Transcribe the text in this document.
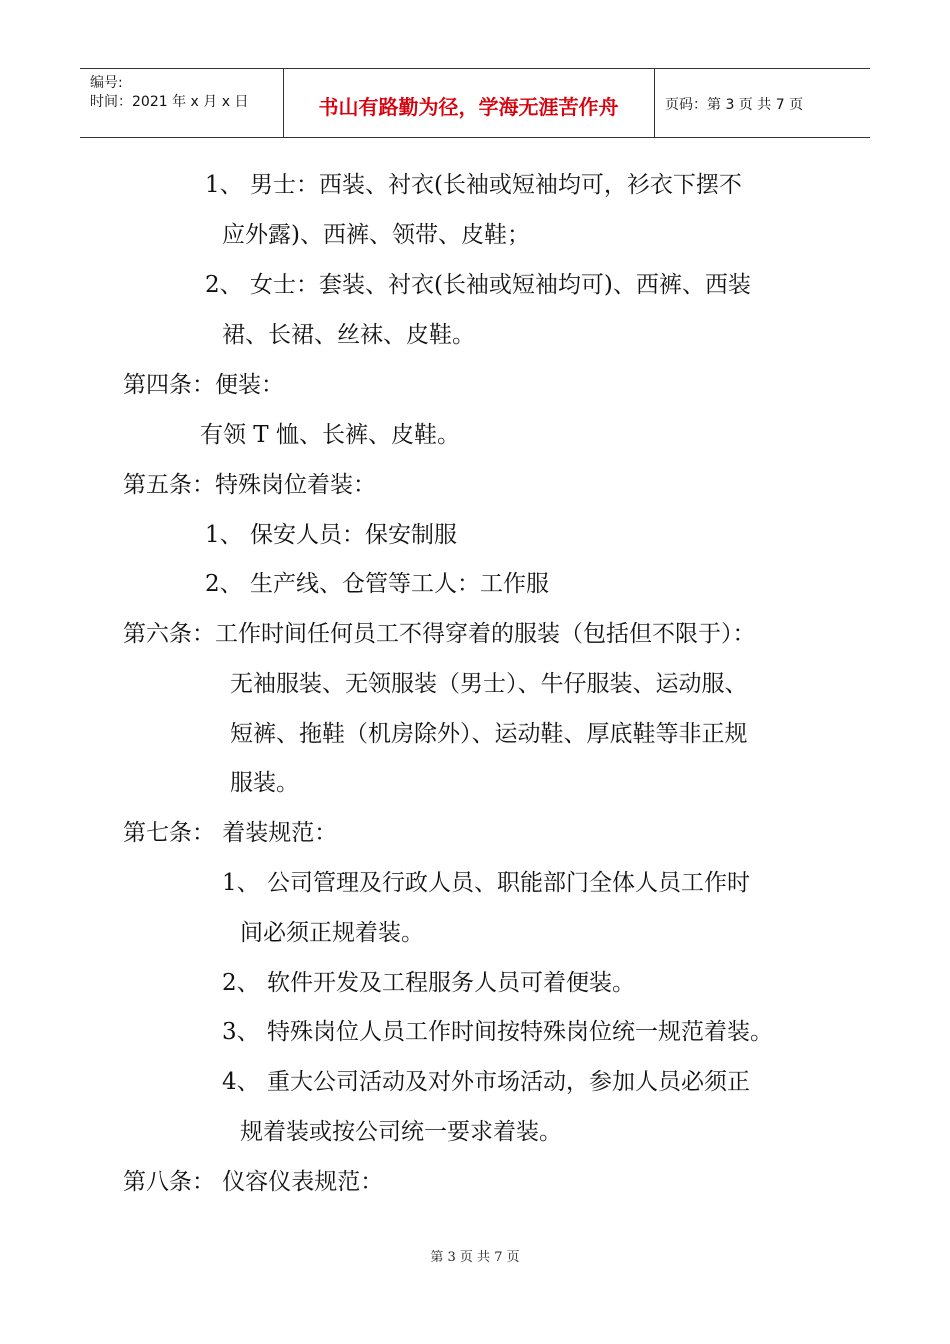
编号:
时间：2021 年 x 月 x 日	书山有路勤为径，学海无涯苦作舟	页码：第 3 页 共 7 页
1、 男士：西装、衬衣(长袖或短袖均可，衫衣下摆不
应外露)、西裤、领带、皮鞋；
2、 女士：套装、衬衣(长袖或短袖均可)、西裤、西装
裙、长裙、丝袜、皮鞋。
第四条：便装：
有领 T 恤、长裤、皮鞋。
第五条：特殊岗位着装：
1、 保安人员：保安制服
2、 生产线、仓管等工人：工作服
第六条：工作时间任何员工不得穿着的服装（包括但不限于）：
无袖服装、无领服装（男士）、牛仔服装、运动服、
短裤、拖鞋（机房除外）、运动鞋、厚底鞋等非正规
服装。
第七条： 着装规范：
1、 公司管理及行政人员、职能部门全体人员工作时
间必须正规着装。
2、 软件开发及工程服务人员可着便装。
3、 特殊岗位人员工作时间按特殊岗位统一规范着装。
4、 重大公司活动及对外市场活动，参加人员必须正
规着装或按公司统一要求着装。
第八条： 仪容仪表规范：
第 3 页 共 7 页
